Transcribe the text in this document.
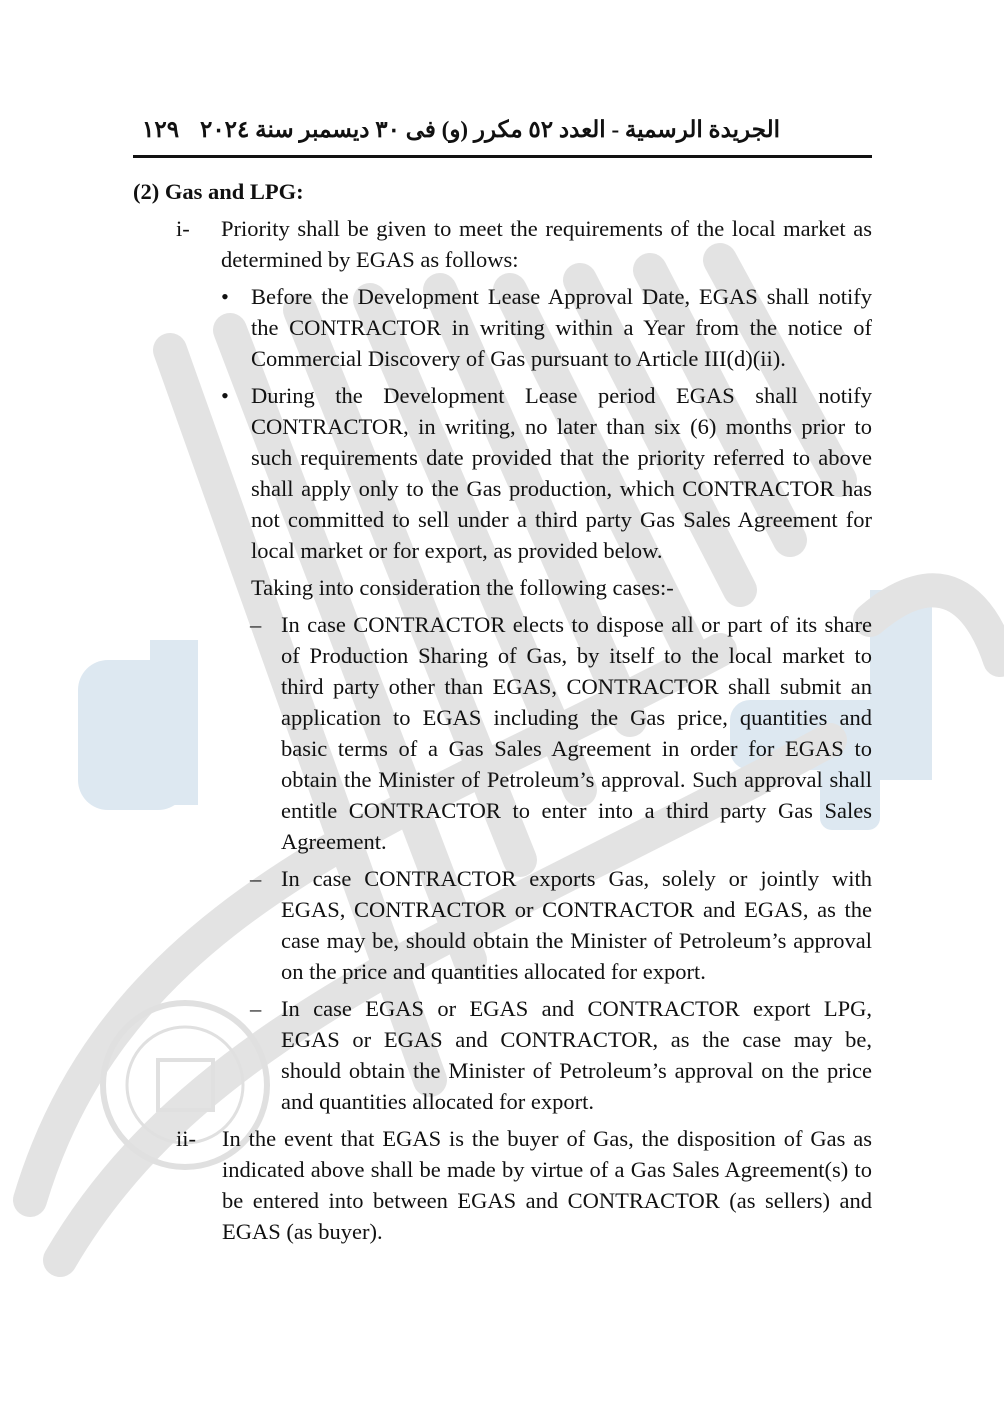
الجريدة الرسمية - العدد ٥٢ مكرر (و) فى ٣٠ ديسمبر سنة ٢٠٢٤
١٢٩
(2) Gas and LPG:
i- Priority shall be given to meet the requirements of the local market as determined by EGAS as follows:
• Before the Development Lease Approval Date, EGAS shall notify the CONTRACTOR in writing within a Year from the notice of Commercial Discovery of Gas pursuant to Article III(d)(ii).
• During the Development Lease period EGAS shall notify CONTRACTOR, in writing, no later than six (6) months prior to such requirements date provided that the priority referred to above shall apply only to the Gas production, which CONTRACTOR has not committed to sell under a third party Gas Sales Agreement for local market or for export, as provided below.
Taking into consideration the following cases:-
– In case CONTRACTOR elects to dispose all or part of its share of Production Sharing of Gas, by itself to the local market to third party other than EGAS, CONTRACTOR shall submit an application to EGAS including the Gas price, quantities and basic terms of a Gas Sales Agreement in order for EGAS to obtain the Minister of Petroleum’s approval. Such approval shall entitle CONTRACTOR to enter into a third party Gas Sales Agreement.
– In case CONTRACTOR exports Gas, solely or jointly with EGAS, CONTRACTOR or CONTRACTOR and EGAS, as the case may be, should obtain the Minister of Petroleum’s approval on the price and quantities allocated for export.
– In case EGAS or EGAS and CONTRACTOR export LPG, EGAS or EGAS and CONTRACTOR, as the case may be, should obtain the Minister of Petroleum’s approval on the price and quantities allocated for export.
ii- In the event that EGAS is the buyer of Gas, the disposition of Gas as indicated above shall be made by virtue of a Gas Sales Agreement(s) to be entered into between EGAS and CONTRACTOR (as sellers) and EGAS (as buyer).
